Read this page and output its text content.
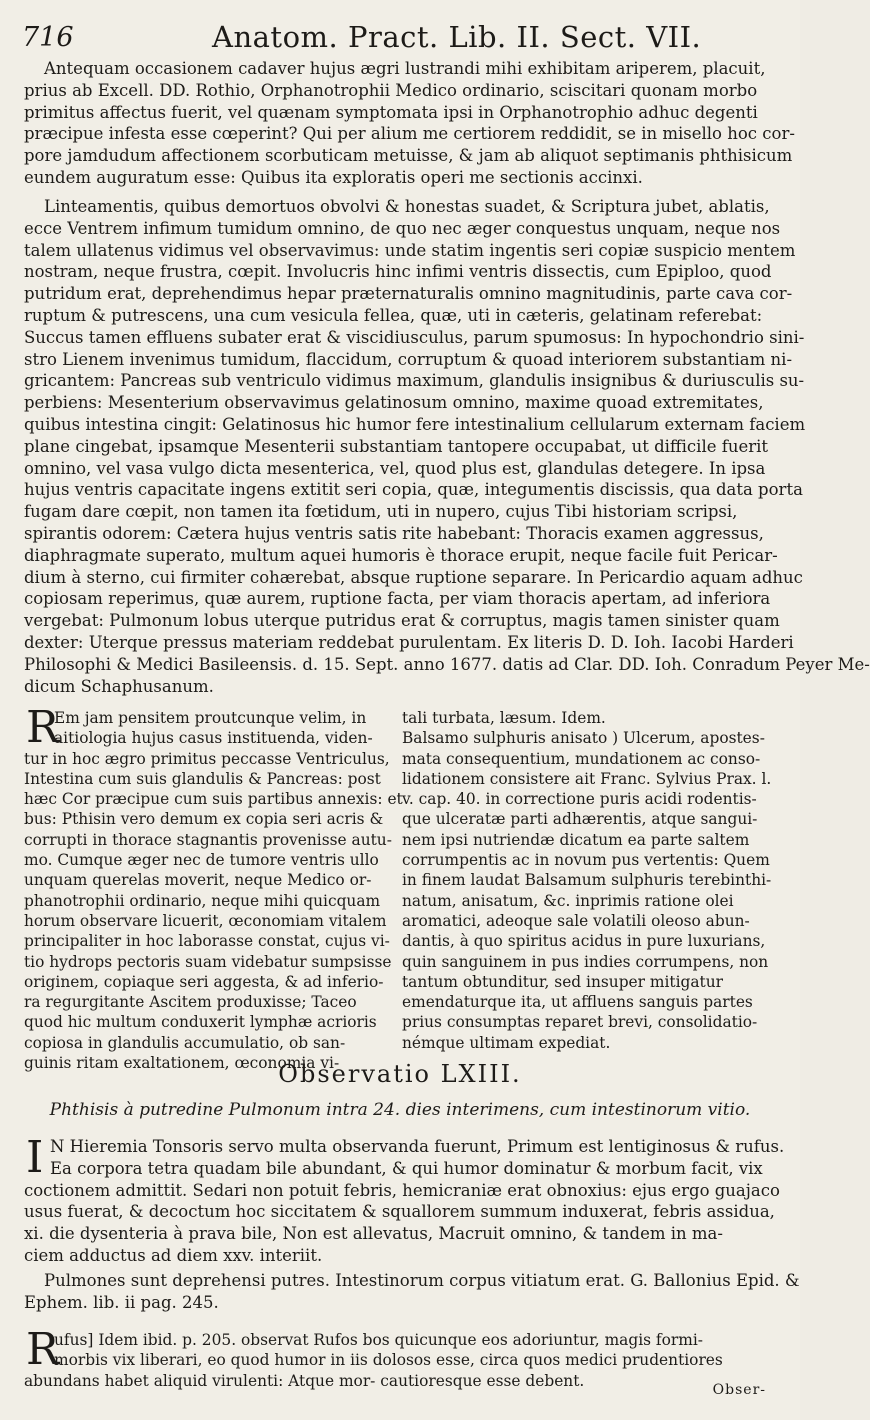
716	Anatom. Pract. Lib. II. Sect. VII.
Antequam occasionem cadaver hujus ægri lustrandi mihi exhibitam ariperem, placuit,
prius ab Excell. DD. Rothio, Orphanotrophii Medico ordinario, sciscitari quonam morbo
primitus affectus fuerit, vel quænam symptomata ipsi in Orphanotrophio adhuc degenti
præcipue infesta esse cœperint? Qui per alium me certiorem reddidit, se in misello hoc cor-
pore jamdudum affectionem scorbuticam metuisse, & jam ab aliquot septimanis phthisicum
eundem auguratum esse: Quibus ita exploratis operi me sectionis accinxi.
Linteamentis, quibus demortuos obvolvi & honestas suadet, & Scriptura jubet, ablatis,
ecce Ventrem infimum tumidum omnino, de quo nec æger conquestus unquam, neque nos
talem ullatenus vidimus vel observavimus: unde statim ingentis seri copiæ suspicio mentem
nostram, neque frustra, cœpit. Involucris hinc infimi ventris dissectis, cum Epiploo, quod
putridum erat, deprehendimus hepar præternaturalis omnino magnitudinis, parte cava cor-
ruptum & putrescens, una cum vesicula fellea, quæ, uti in cæteris, gelatinam referebat:
Succus tamen effluens subater erat & viscidiusculus, parum spumosus: In hypochondrio sini-
stro Lienem invenimus tumidum, flaccidum, corruptum & quoad interiorem substantiam ni-
gricantem: Pancreas sub ventriculo vidimus maximum, glandulis insignibus & duriusculis su-
perbiens: Mesenterium observavimus gelatinosum omnino, maxime quoad extremitates,
quibus intestina cingit: Gelatinosus hic humor fere intestinalium cellularum externam faciem
plane cingebat, ipsamque Mesenterii substantiam tantopere occupabat, ut difficile fuerit
omnino, vel vasa vulgo dicta mesenterica, vel, quod plus est, glandulas detegere. In ipsa
hujus ventris capacitate ingens extitit seri copia, quæ, integumentis discissis, qua data porta
fugam dare cœpit, non tamen ita fœtidum, uti in nupero, cujus Tibi historiam scripsi,
spirantis odorem: Cætera hujus ventris satis rite habebant: Thoracis examen aggressus,
diaphragmate superato, multum aquei humoris è thorace erupit, neque facile fuit Pericar-
dium à sterno, cui firmiter cohærebat, absque ruptione separare. In Pericardio aquam adhuc
copiosam reperimus, quæ aurem, ruptione facta, per viam thoracis apertam, ad inferiora
vergebat: Pulmonum lobus uterque putridus erat & corruptus, magis tamen sinister quam
dexter: Uterque pressus materiam reddebat purulentam. Ex literis D. D. Ioh. Iacobi Harderi
Philosophi & Medici Basileensis. d. 15. Sept. anno 1677. datis ad Clar. DD. Ioh. Conradum Peyer Me-
dicum Schaphusanum.
R
Em jam pensitem proutcunque velim, in
aitiologia hujus casus instituenda, viden-
tur in hoc ægro primitus peccasse Ventriculus,
Intestina cum suis glandulis & Pancreas: post
hæc Cor præcipue cum suis partibus annexis: et
bus: Pthisin vero demum ex copia seri acris &
corrupti in thorace stagnantis provenisse autu-
mo. Cumque æger nec de tumore ventris ullo
unquam querelas moverit, neque Medico or-
phanotrophii ordinario, neque mihi quicquam
horum observare licuerit, œconomiam vitalem
principaliter in hoc laborasse constat, cujus vi-
tio hydrops pectoris suam videbatur sumpsisse
originem, copiaque seri aggesta, & ad inferio-
ra regurgitante Ascitem produxisse; Taceo
quod hic multum conduxerit lymphæ acrioris
copiosa in glandulis accumulatio, ob san-
guinis ritam exaltationem, œconomia vi-
tali turbata, læsum. Idem.
Balsamo sulphuris anisato ) Ulcerum, apostes-
mata consequentium, mundationem ac conso-
lidationem consistere ait Franc. Sylvius Prax. l.
v. cap. 40. in correctione puris acidi rodentis-
que ulceratæ parti adhærentis, atque sangui-
nem ipsi nutriendæ dicatum ea parte saltem
corrumpentis ac in novum pus vertentis: Quem
in finem laudat Balsamum sulphuris terebinthi-
natum, anisatum, &c. inprimis ratione olei
aromatici, adeoque sale volatili oleoso abun-
dantis, à quo spiritus acidus in pure luxurians,
quin sanguinem in pus indies corrumpens, non
tantum obtunditur, sed insuper mitigatur
emendaturque ita, ut affluens sanguis partes
prius consumptas reparet brevi, consolidatio-
némque ultimam expediat.
Observatio LXIII.
Phthisis à putredine Pulmonum intra 24. dies interimens, cum intestinorum vitio.
I N Hieremia Tonsoris servo multa observanda fuerunt, Primum est lentiginosus & rufus.
Ea corpora tetra quadam bile abundant, & qui humor dominatur & morbum facit, vix
coctionem admittit. Sedari non potuit febris, hemicraniæ erat obnoxius: ejus ergo guajaco
usus fuerat, & decoctum hoc siccitatem & squallorem summum induxerat, febris assidua,
xi. die dysenteria à prava bile, Non est allevatus, Macruit omnino, & tandem in ma-
ciem adductus ad diem xxv. interiit.
Pulmones sunt deprehensi putres. Intestinorum corpus vitiatum erat. G. Ballonius Epid. &
Ephem. lib. ii pag. 245.
R
ufus] Idem ibid. p. 205. observat Rufos bos quicunque eos adoriuntur, magis formi-
morbis vix liberari, eo quod humor in iis dolosos esse, circa quos medici prudentiores
abundans habet aliquid virulenti: Atque mor- cautioresque esse debent.
Obser-
